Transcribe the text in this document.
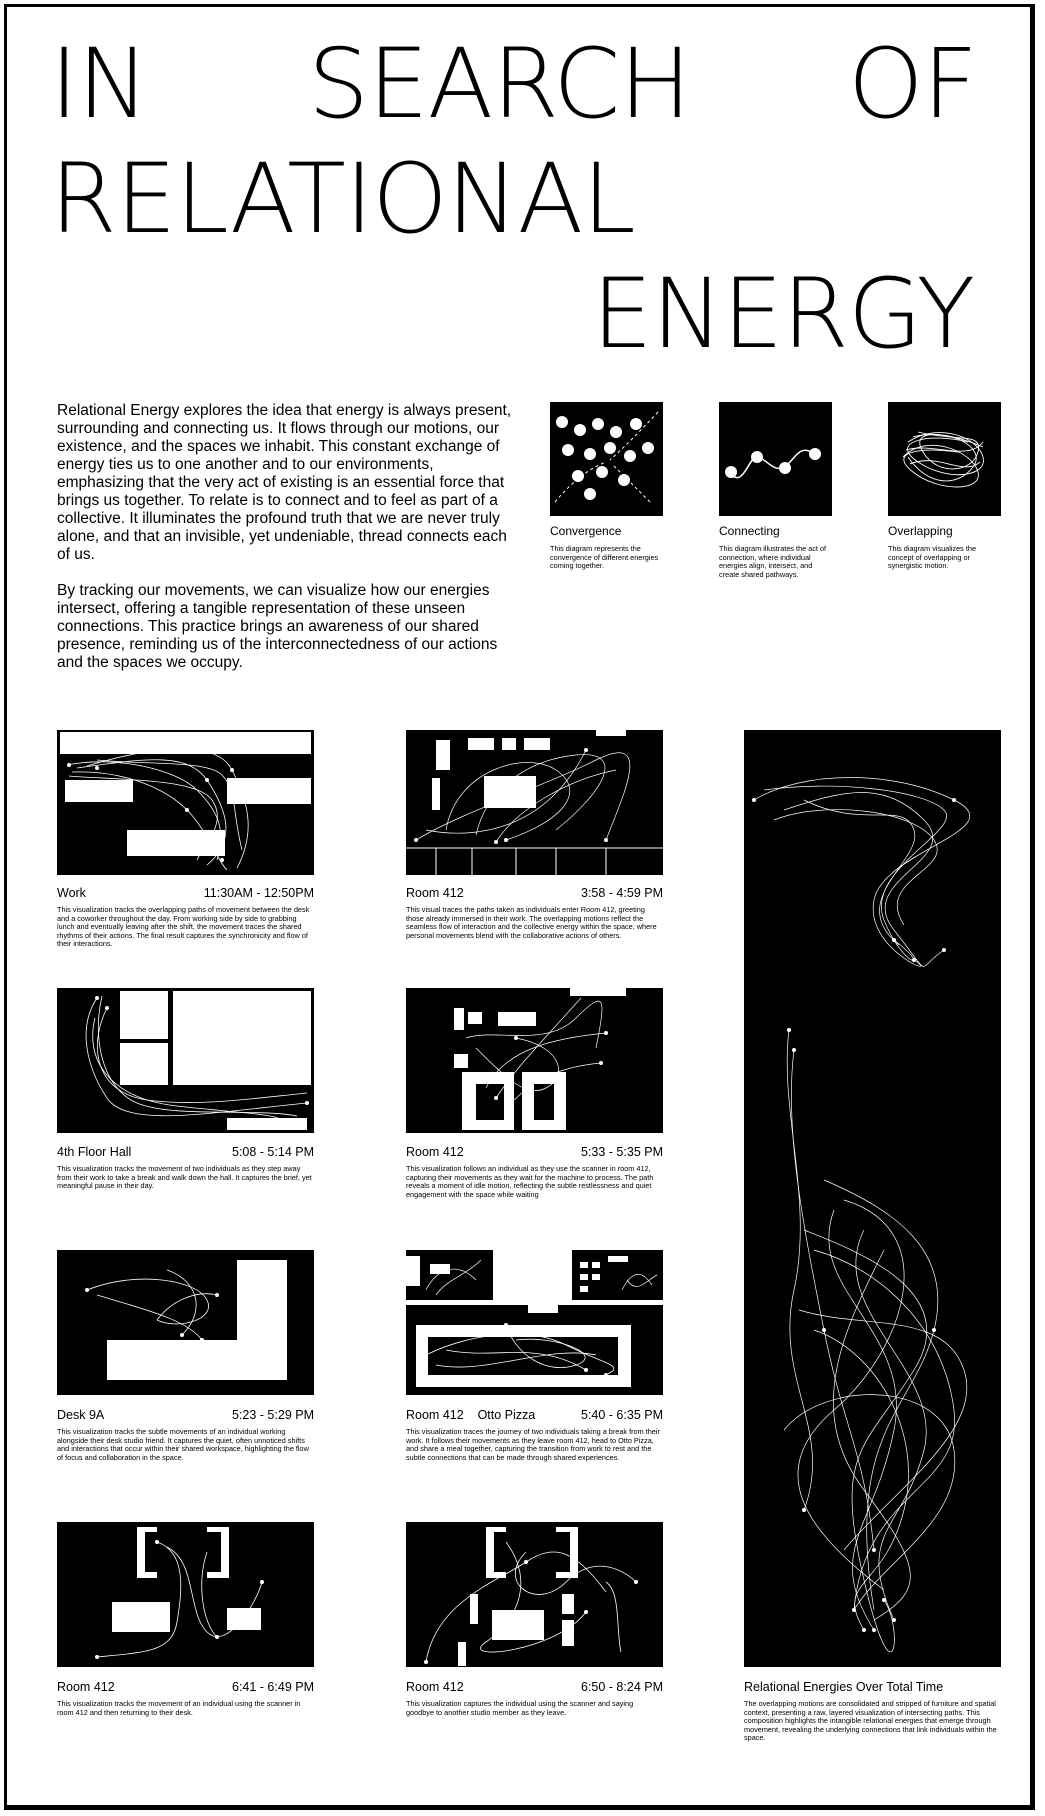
IN SEARCH OF
RELATIONAL
ENERGY

Relational Energy explores the idea that energy is always present, surrounding and connecting us. It flows through our motions, our existence, and the spaces we inhabit. This constant exchange of energy ties us to one another and to our environments, emphasizing that the very act of existing is an essential force that brings us together. To relate is to connect and to feel as part of a collective. It illuminates the profound truth that we are never truly alone, and that an invisible, yet undeniable, thread connects each of us.

By tracking our movements, we can visualize how our energies intersect, offering a tangible representation of these unseen connections. This practice brings an awareness of our shared presence, reminding us of the interconnectedness of our actions and the spaces we occupy.

Convergence

This diagram represents the convergence of different energies coming together.

Connecting

This diagram illustrates the act of connection, where individual energies align, intersect, and create shared pathways.

Overlapping

This diagram visualizes the concept of overlapping or synergistic motion.

Work	11:30AM - 12:50PM

This visualization tracks the overlapping paths of movement between the desk and a coworker throughout the day. From working side by side to grabbing lunch and eventually leaving after the shift, the movement traces the shared rhythms of their actions. The final result captures the synchronicity and flow of their interactions.

Room 412	3:58 - 4:59 PM

This visual traces the paths taken as individuals enter Room 412, greeting those already immersed in their work. The overlapping motions reflect the seamless flow of interaction and the collective energy within the space, where personal movements blend with the collaborative actions of others.

4th Floor Hall	5:08 - 5:14 PM

This visualization tracks the movement of two individuals as they step away from their work to take a break and walk down the hall. It captures the brief, yet meaningful pause in their day.

Room 412	5:33 - 5:35 PM

This visualization follows an individual as they use the scanner in room 412, capturing their movements as they wait for the machine to process. The path reveals a moment of idle motion, reflecting the subtle restlessness and quiet engagement with the space while waiting

Desk 9A	5:23 - 5:29 PM

This visualization tracks the subtle movements of an individual working alongside their desk studio friend. It captures the quiet, often unnoticed shifts and interactions that occur within their shared workspace, highlighting the flow of focus and collaboration in the space.

Room 412    Otto Pizza	5:40 - 6:35 PM

This visualization traces the journey of two individuals taking a break from their work. It follows their movements as they leave room 412, head to Otto Pizza, and share a meal together, capturing the transition from work to rest and the subtle connections that can be made through shared experiences.

Room 412	6:41 - 6:49 PM

This visualization tracks the movement of an individual using the scanner in room 412 and then returning to their desk.

Room 412	6:50 - 8:24 PM

This visualization captures the individual using the scanner and saying goodbye to another studio member as they leave.

Relational Energies Over Total Time

The overlapping motions are consolidated and stripped of furniture and spatial context, presenting a raw, layered visualization of intersecting paths. This composition highlights the intangible relational energies that emerge through movement, revealing the underlying connections that link individuals within the space.
